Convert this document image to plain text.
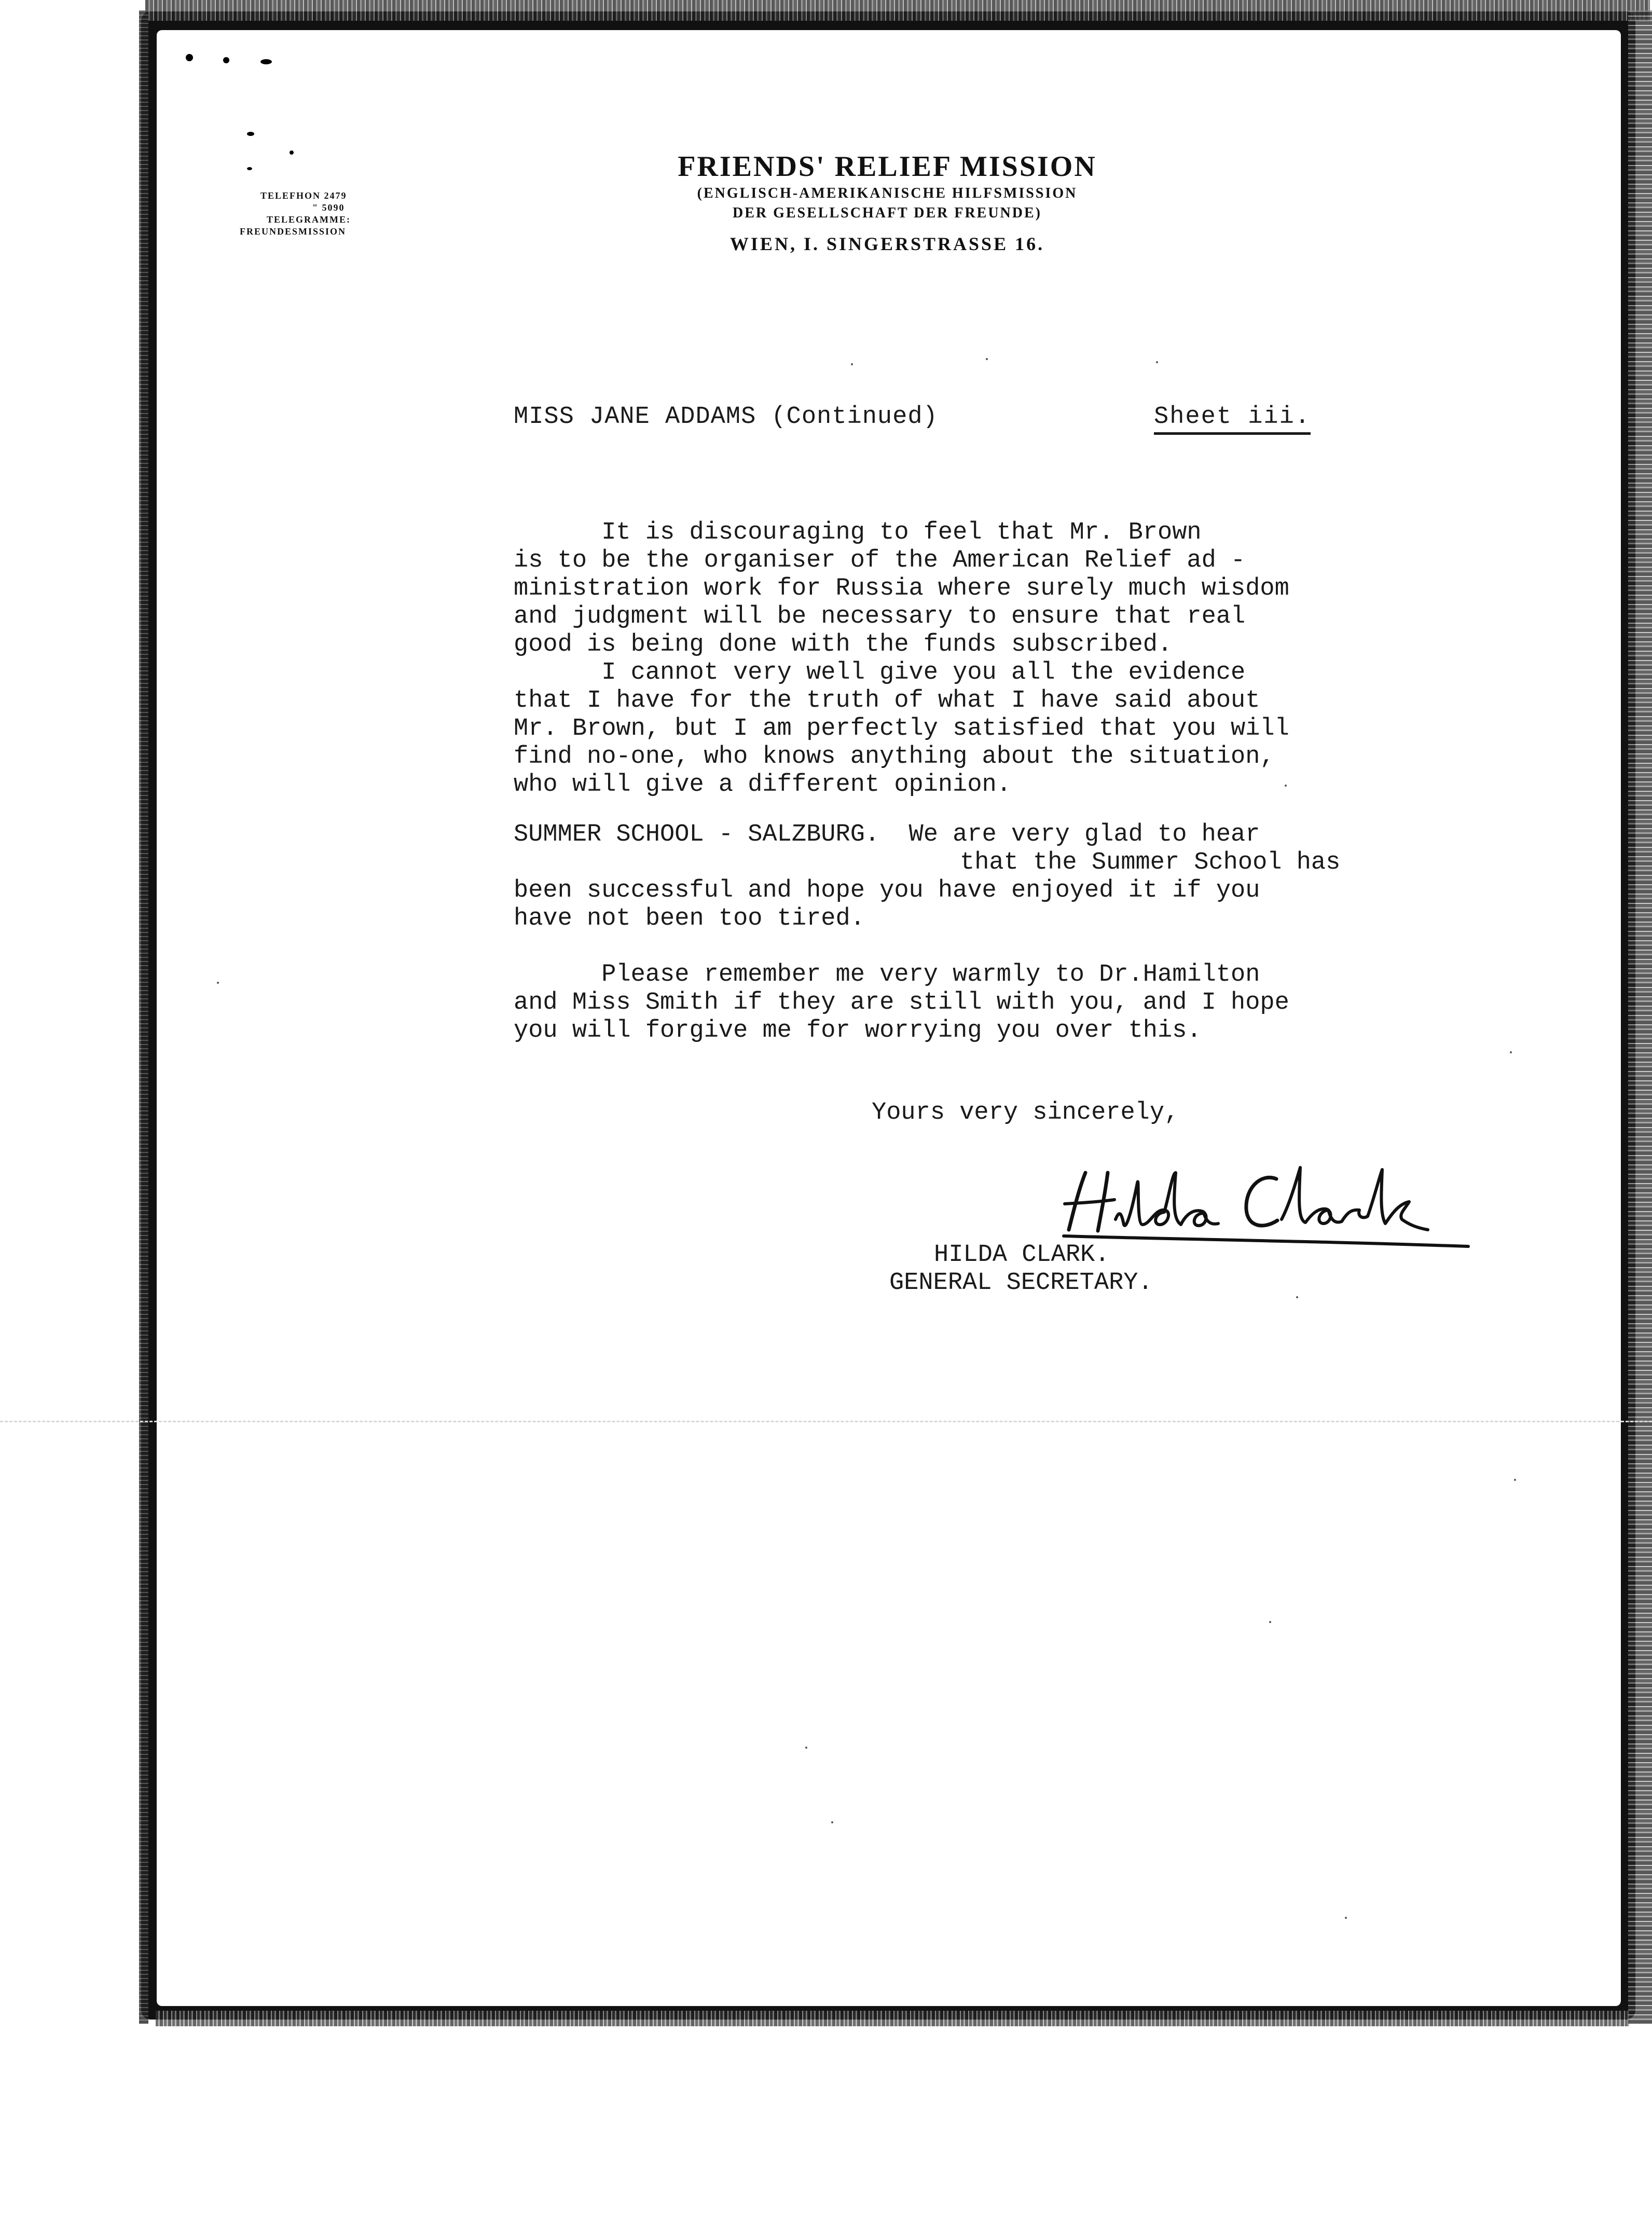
TELEFHON 2479
" 5090
TELEGRAMME:
FREUNDESMISSION
FRIENDS' RELIEF MISSION
(ENGLISCH-AMERIKANISCHE HILFSMISSION
DER GESELLSCHAFT DER FREUNDE)
WIEN, I. SINGERSTRASSE 16.
MISS JANE ADDAMS (Continued)	Sheet iii.
It is discouraging to feel that Mr. Brown
is to be the organiser of the American Relief ad -
ministration work for Russia where surely much wisdom
and judgment will be necessary to ensure that real
good is being done with the funds subscribed.
I cannot very well give you all the evidence
that I have for the truth of what I have said about
Mr. Brown, but I am perfectly satisfied that you will
find no-one, who knows anything about the situation,
who will give a different opinion.
SUMMER SCHOOL - SALZBURG.  We are very glad to hear
that the Summer School has
been successful and hope you have enjoyed it if you
have not been too tired.
Please remember me very warmly to Dr.Hamilton
and Miss Smith if they are still with you, and I hope
you will forgive me for worrying you over this.
Yours very sincerely,
HILDA CLARK.
GENERAL SECRETARY.
